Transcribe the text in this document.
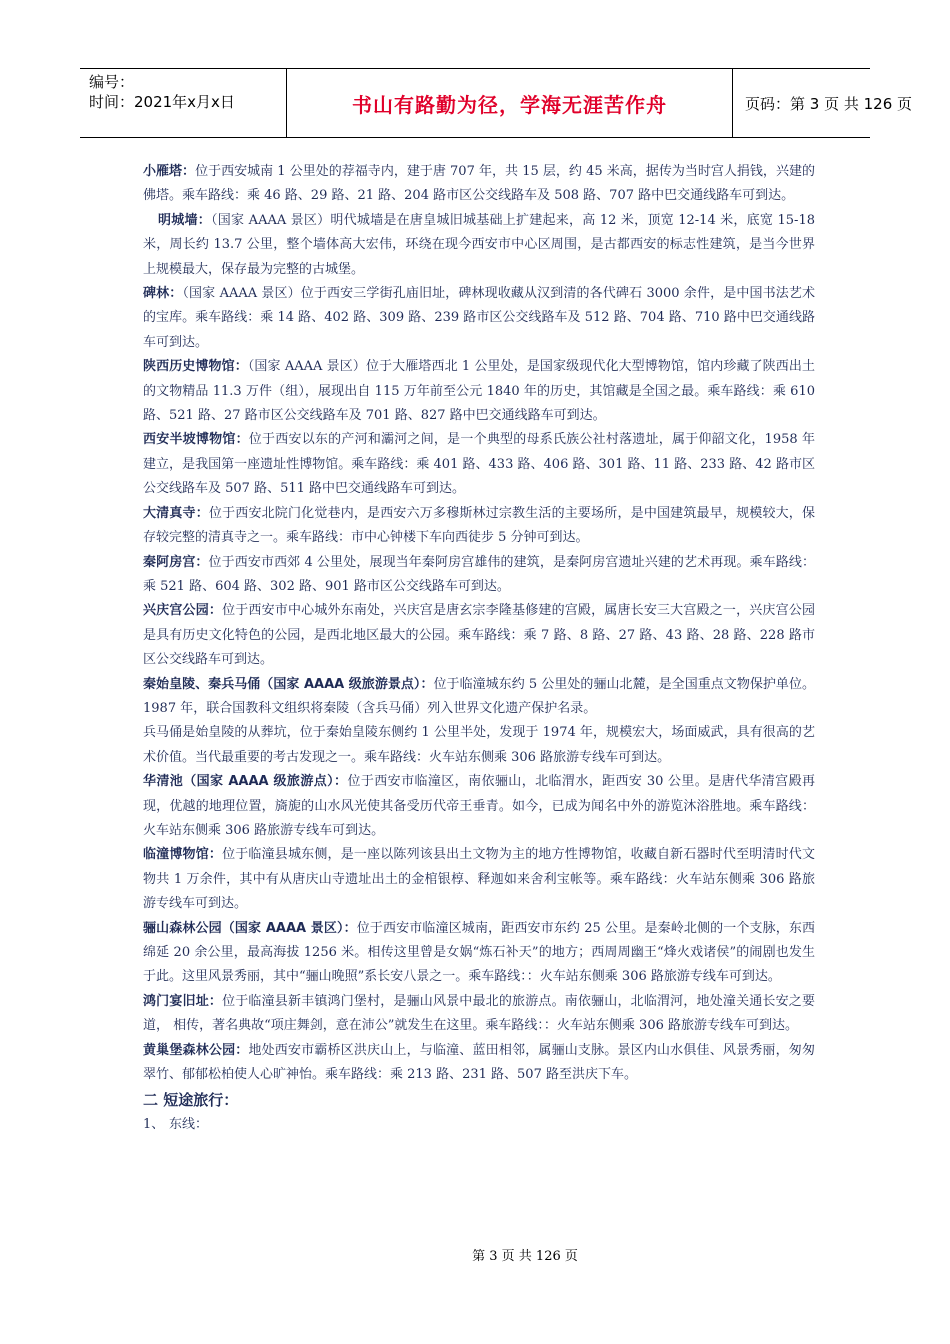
编号：
时间：2021年x月x日	书山有路勤为径，学海无涯苦作舟	页码：第 3 页 共 126 页

小雁塔：位于西安城南 1 公里处的荐福寺内，建于唐 707 年，共 15 层，约 45 米高，据传为当时宫人捐钱，兴建的佛塔。乘车路线：乘 46 路、29 路、21 路、204 路市区公交线路车及 508 路、707 路中巴交通线路车可到达。

明城墙：（国家 AAAA 景区）明代城墙是在唐皇城旧城基础上扩建起来，高 12 米，顶宽 12-14 米，底宽 15-18 米，周长约 13.7 公里，整个墙体高大宏伟，环绕在现今西安市中心区周围，是古都西安的标志性建筑，是当今世界上规模最大，保存最为完整的古城堡。

碑林：（国家 AAAA 景区）位于西安三学街孔庙旧址，碑林现收藏从汉到清的各代碑石 3000 余件，是中国书法艺术的宝库。乘车路线：乘 14 路、402 路、309 路、239 路市区公交线路车及 512 路、704 路、710 路中巴交通线路车可到达。

陕西历史博物馆：（国家 AAAA 景区）位于大雁塔西北 1 公里处，是国家级现代化大型博物馆，馆内珍藏了陕西出土的文物精品 11.3 万件（组），展现出自 115 万年前至公元 1840 年的历史，其馆藏是全国之最。乘车路线：乘 610 路、521 路、27 路市区公交线路车及 701 路、827 路中巴交通线路车可到达。

西安半坡博物馆：位于西安以东的产河和灞河之间，是一个典型的母系氏族公社村落遗址，属于仰韶文化，1958 年建立，是我国第一座遗址性博物馆。乘车路线：乘 401 路、433 路、406 路、301 路、11 路、233 路、42 路市区公交线路车及 507 路、511 路中巴交通线路车可到达。

大清真寺：位于西安北院门化觉巷内，是西安六万多穆斯林过宗教生活的主要场所，是中国建筑最早，规模较大，保存较完整的清真寺之一。乘车路线：市中心钟楼下车向西徒步 5 分钟可到达。

秦阿房宫：位于西安市西郊 4 公里处，展现当年秦阿房宫雄伟的建筑，是秦阿房宫遗址兴建的艺术再现。乘车路线：乘 521 路、604 路、302 路、901 路市区公交线路车可到达。

兴庆宫公园：位于西安市中心城外东南处，兴庆宫是唐玄宗李隆基修建的宫殿，属唐长安三大宫殿之一，兴庆宫公园是具有历史文化特色的公园，是西北地区最大的公园。乘车路线：乘 7 路、8 路、27 路、43 路、28 路、228 路市区公交线路车可到达。

秦始皇陵、秦兵马俑（国家 AAAA 级旅游景点）：位于临潼城东约 5 公里处的骊山北麓，是全国重点文物保护单位。1987 年，联合国教科文组织将秦陵（含兵马俑）列入世界文化遗产保护名录。

兵马俑是始皇陵的从葬坑，位于秦始皇陵东侧约 1 公里半处，发现于 1974 年，规模宏大，场面威武，具有很高的艺术价值。当代最重要的考古发现之一。乘车路线：火车站东侧乘 306 路旅游专线车可到达。

华清池（国家 AAAA 级旅游点）：位于西安市临潼区，南依骊山，北临渭水，距西安 30 公里。是唐代华清宫殿再现，优越的地理位置，旖旎的山水风光使其备受历代帝王垂青。如今，已成为闻名中外的游览沐浴胜地。乘车路线：火车站东侧乘 306 路旅游专线车可到达。

临潼博物馆：位于临潼县城东侧，是一座以陈列该县出土文物为主的地方性博物馆，收藏自新石器时代至明清时代文物共 1 万余件，其中有从唐庆山寺遗址出土的金棺银椁、释迦如来舍利宝帐等。乘车路线：火车站东侧乘 306 路旅游专线车可到达。

骊山森林公园（国家 AAAA 景区）：位于西安市临潼区城南，距西安市东约 25 公里。是秦岭北侧的一个支脉，东西绵延 20 余公里，最高海拔 1256 米。相传这里曾是女娲“炼石补天”的地方；西周周幽王“烽火戏诸侯”的闹剧也发生于此。这里风景秀丽，其中“骊山晚照”系长安八景之一。乘车路线：：火车站东侧乘 306 路旅游专线车可到达。

鸿门宴旧址：位于临潼县新丰镇鸿门堡村，是骊山风景中最北的旅游点。南依骊山，北临渭河，地处潼关通长安之要道， 相传，著名典故“项庄舞剑，意在沛公”就发生在这里。乘车路线：：火车站东侧乘 306 路旅游专线车可到达。

黄巢堡森林公园：地处西安市霸桥区洪庆山上，与临潼、蓝田相邻，属骊山支脉。景区内山水俱佳、风景秀丽，匆匆翠竹、郁郁松柏使人心旷神怡。乘车路线：乘 213 路、231 路、507 路至洪庆下车。

二 短途旅行：

1、 东线：

第 3 页 共 126 页
